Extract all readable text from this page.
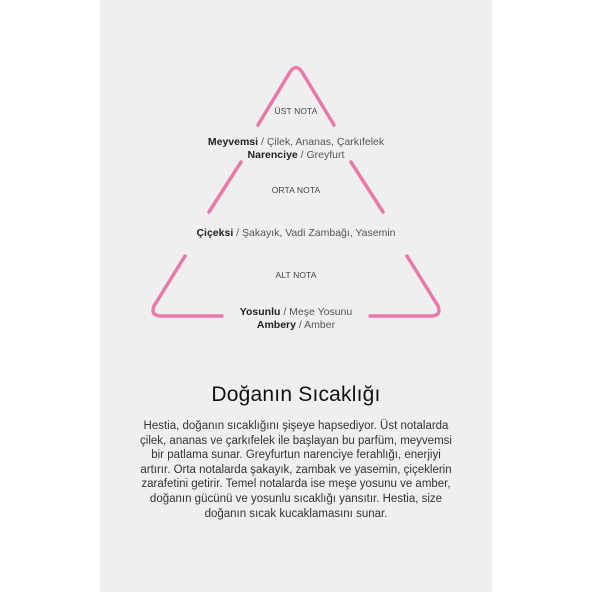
ÜST NOTA
Meyvemsi / Çilek, Ananas, Çarkıfelek
Narenciye / Greyfurt
ORTA NOTA
Çiçeksi / Şakayık, Vadi Zambağı, Yasemin
ALT NOTA
Yosunlu / Meşe Yosunu
Ambery / Amber
Doğanın Sıcaklığı
Hestia, doğanın sıcaklığını şişeye hapsediyor. Üst notalarda çilek, ananas ve çarkıfelek ile başlayan bu parfüm, meyvemsi bir patlama sunar. Greyfurtun narenciye ferahlığı, enerjiyi artırır. Orta notalarda şakayık, zambak ve yasemin, çiçeklerin zarafetini getirir. Temel notalarda ise meşe yosunu ve amber, doğanın gücünü ve yosunlu sıcaklığı yansıtır. Hestia, size doğanın sıcak kucaklamasını sunar.
